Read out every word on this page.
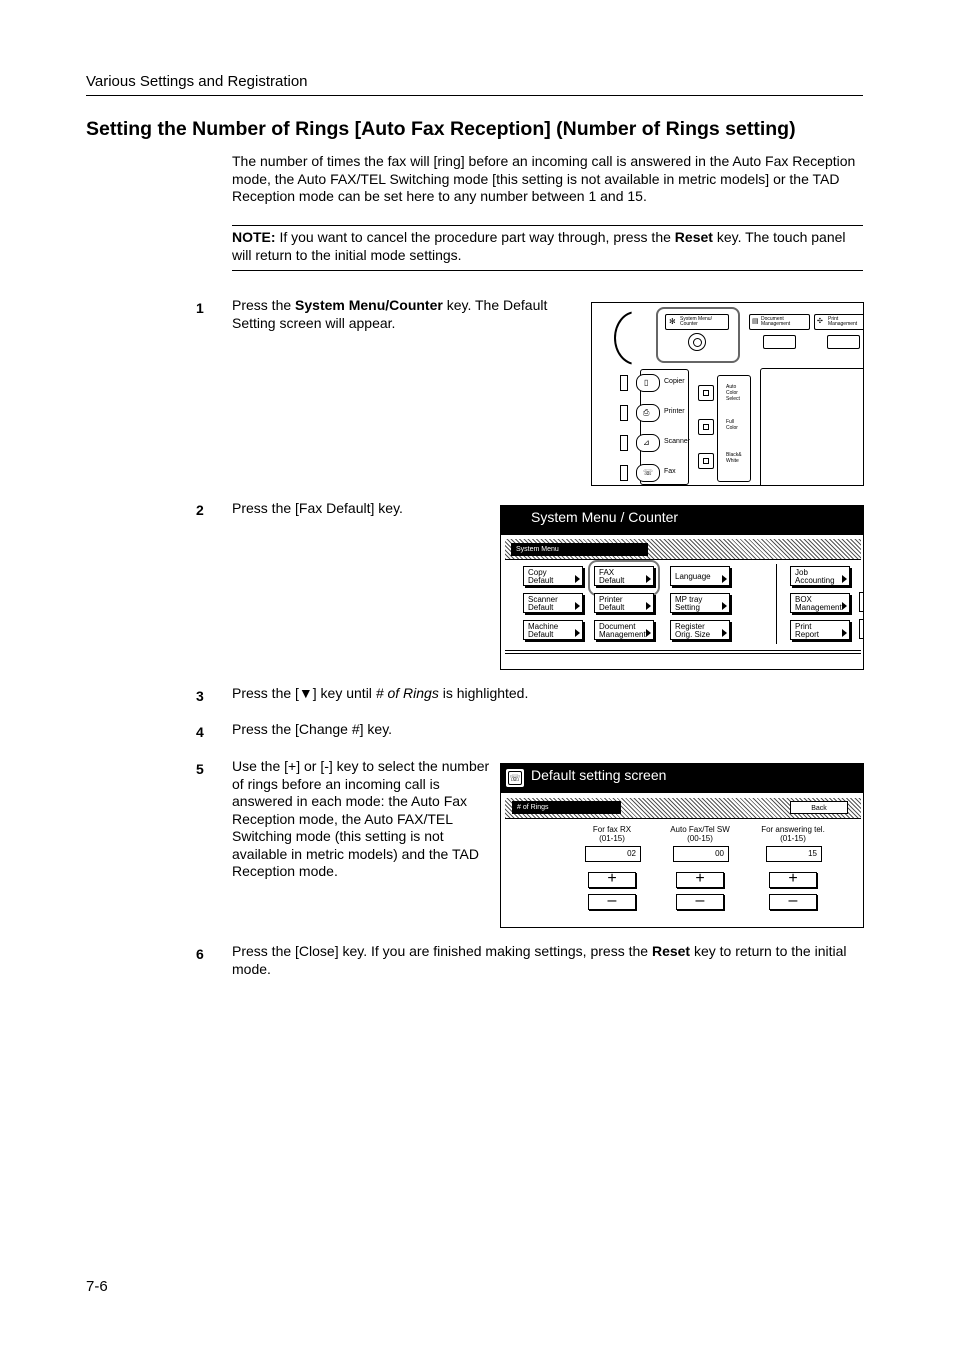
Various Settings and Registration
Setting the Number of Rings [Auto Fax Reception] (Number of Rings setting)
The number of times the fax will [ring] before an incoming call is answered in the Auto Fax Reception mode, the Auto FAX/TEL Switching mode [this setting is not available in metric models] or the TAD Reception mode can be set here to any number between 1 and 15.
NOTE: If you want to cancel the procedure part way through, press the Reset key. The touch panel will return to the initial mode settings.
1 Press the System Menu/Counter key. The Default Setting screen will appear.	✻ System Menu/
Counter	▤ Document
Management	✣ Print
Management
▯ Copier
⎙ Printer
⊿ Scanner
☏ Fax
Auto
Color
Select
Full
Color
Black&
White
2 Press the [Fax Default] key.
System Menu / Counter
System Menu
Copy
Default
FAX
Default	Language	Job
Accounting
Scanner
Default
Printer
Default
MP tray
Setting
BOX
Management
Machine
Default
Document
Management
Register
Orig. Size
Print
Report
3 Press the [▼] key until # of Rings is highlighted.
4 Press the [Change #] key.
5 Use the [+] or [-] key to select the number of rings before an incoming call is answered in each mode: the Auto Fax Reception mode, the Auto FAX/TEL Switching mode (this setting is not available in metric models) and the TAD Reception mode.
☏ Default setting screen
# of Rings	Back
For fax RX
(01-15)
02
+
–
Auto Fax/Tel SW
(00-15)
00
+
–
For answering tel.
(01-15)
15
+
–
6 Press the [Close] key. If you are finished making settings, press the Reset key to return to the initial mode.
7-6
